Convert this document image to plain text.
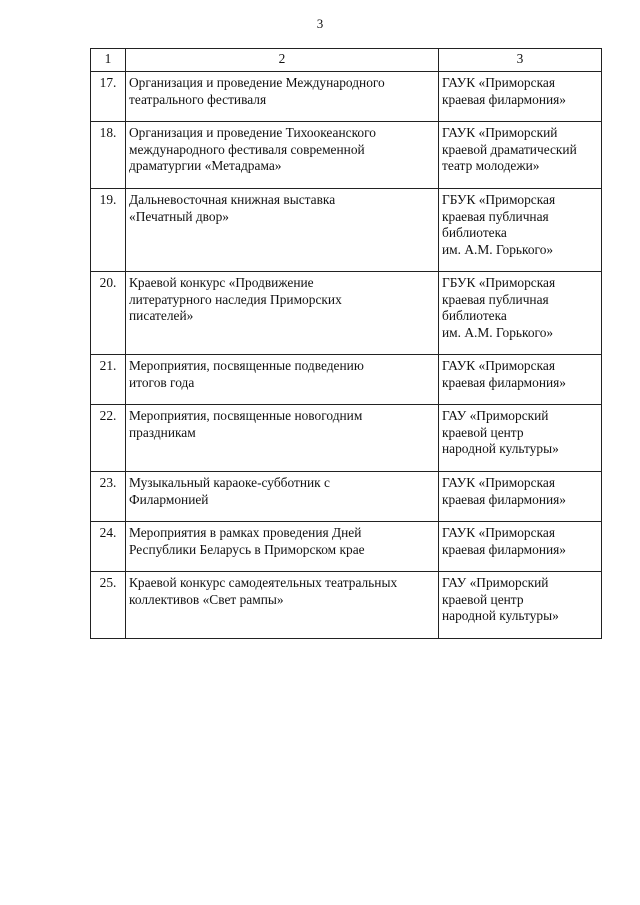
3
1	2	3
17.	Организация и проведение Международного
театрального фестиваля	ГАУК «Приморская
краевая филармония»

18.	Организация и проведение Тихоокеанского
международного фестиваля современной
драматургии «Метадрама»	ГАУК «Приморский
краевой драматический
театр молодежи»

19.	Дальневосточная книжная выставка
«Печатный двор»	ГБУК «Приморская
краевая публичная
библиотека
им. А.М. Горького»

20.	Краевой конкурс «Продвижение
литературного наследия Приморских
писателей»	ГБУК «Приморская
краевая публичная
библиотека
им. А.М. Горького»

21.	Мероприятия, посвященные подведению
итогов года	ГАУК «Приморская
краевая филармония»

22.	Мероприятия, посвященные новогодним
праздникам	ГАУ «Приморский
краевой центр
народной культуры»

23.	Музыкальный караоке-субботник с
Филармонией	ГАУК «Приморская
краевая филармония»

24.	Мероприятия в рамках проведения Дней
Республики Беларусь в Приморском крае	ГАУК «Приморская
краевая филармония»

25.	Краевой конкурс самодеятельных театральных
коллективов «Свет рампы»	ГАУ «Приморский
краевой центр
народной культуры»
